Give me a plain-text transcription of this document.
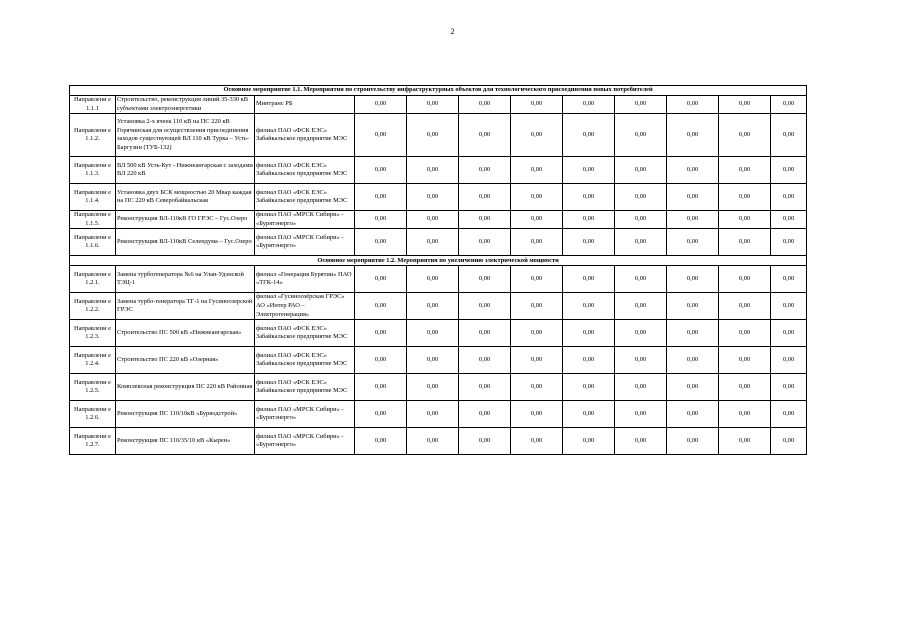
2
Основное мероприятие 1.1. Мероприятия по строительству инфраструктурных объектов для технологического присоединения новых потребителей											
Направлени е 1.1.1	Строительство, реконструкция линий 35-330 кВ субъектами электроэнергетики	Минтранс РБ	0,00	0,00	0,00	0,00	0,00	0,00	0,00	0,00	0,00
Направлени е 1.1.2.	Установка 2-х ячеек 110 кВ на ПС 220 кВ Горячинская для осуществления присоединения заходов существующей ВЛ 110 кВ Турка – Усть-Баргузин (ТУБ-132)	филиал ПАО «ФСК ЕЭС» Забайкальское предприятие МЭС	0,00	0,00	0,00	0,00	0,00	0,00	0,00	0,00	0,00
Направлени е 1.1.3.	ВЛ 500 кВ Усть-Кут - Нижнеангарская с заходами ВЛ 220 кВ	филиал ПАО «ФСК ЕЭС» Забайкальское предприятие МЭС	0,00	0,00	0,00	0,00	0,00	0,00	0,00	0,00	0,00
Направлени е 1.1.4.	Установка двух БСК мощностью 20 Мвар каждая на ПС 220 кВ Северобайкальская	филиал ПАО «ФСК ЕЭС» Забайкальское предприятие МЭС	0,00	0,00	0,00	0,00	0,00	0,00	0,00	0,00	0,00
Направлени е 1.1.5.	Реконструкция ВЛ-110кВ ГО ГРЭС – Гус.Озеро	филиал ПАО «МРСК Сибири» - «Бурятэнерго»	0,00	0,00	0,00	0,00	0,00	0,00	0,00	0,00	0,00
Направлени е 1.1.6.	Реконструкция ВЛ-110кВ Селендума – Гус.Озеро	филиал ПАО «МРСК Сибири» - «Бурятэнерго»	0,00	0,00	0,00	0,00	0,00	0,00	0,00	0,00	0,00
Основное мероприятие 1.2. Мероприятия по увеличению электрической мощности											
Направлени е 1.2.1.	Замена турбогенератора №6 на Улан-Удэнской ТЭЦ-1	филиал «Генерация Бурятии» ПАО «ТГК-14»	0,00	0,00	0,00	0,00	0,00	0,00	0,00	0,00	0,00
Направлени е 1.2.2.	Замена турбо-генератора ТГ-1 на Гусиноозерской ГРЭС	филиал «Гусиноозёрская ГРЭС» АО «Интер РАО – Электрогенерация»	0,00	0,00	0,00	0,00	0,00	0,00	0,00	0,00	0,00
Направлени е 1.2.3.	Строительство ПС 500 кВ «Нижнеангарская»	филиал ПАО «ФСК ЕЭС» Забайкальское предприятие МЭС	0,00	0,00	0,00	0,00	0,00	0,00	0,00	0,00	0,00
Направлени е 1.2.4.	Строительство ПС 220 кВ «Озерная»	филиал ПАО «ФСК ЕЭС» Забайкальское предприятие МЭС	0,00	0,00	0,00	0,00	0,00	0,00	0,00	0,00	0,00
Направлени е 1.2.5.	Комплексная реконструкция ПС 220 кВ Районная	филиал ПАО «ФСК ЕЭС» Забайкальское предприятие МЭС	0,00	0,00	0,00	0,00	0,00	0,00	0,00	0,00	0,00
Направлени е 1.2.6.	Реконструкция ПС 110/10кВ «Бурводстрой»	филиал ПАО «МРСК Сибири» - «Бурятэнерго»	0,00	0,00	0,00	0,00	0,00	0,00	0,00	0,00	0,00
Направлени е 1.2.7.	Реконструкция ПС 110/35/10 кВ «Кырен»	филиал ПАО «МРСК Сибири» - «Бурятэнерго»	0,00	0,00	0,00	0,00	0,00	0,00	0,00	0,00	0,00
